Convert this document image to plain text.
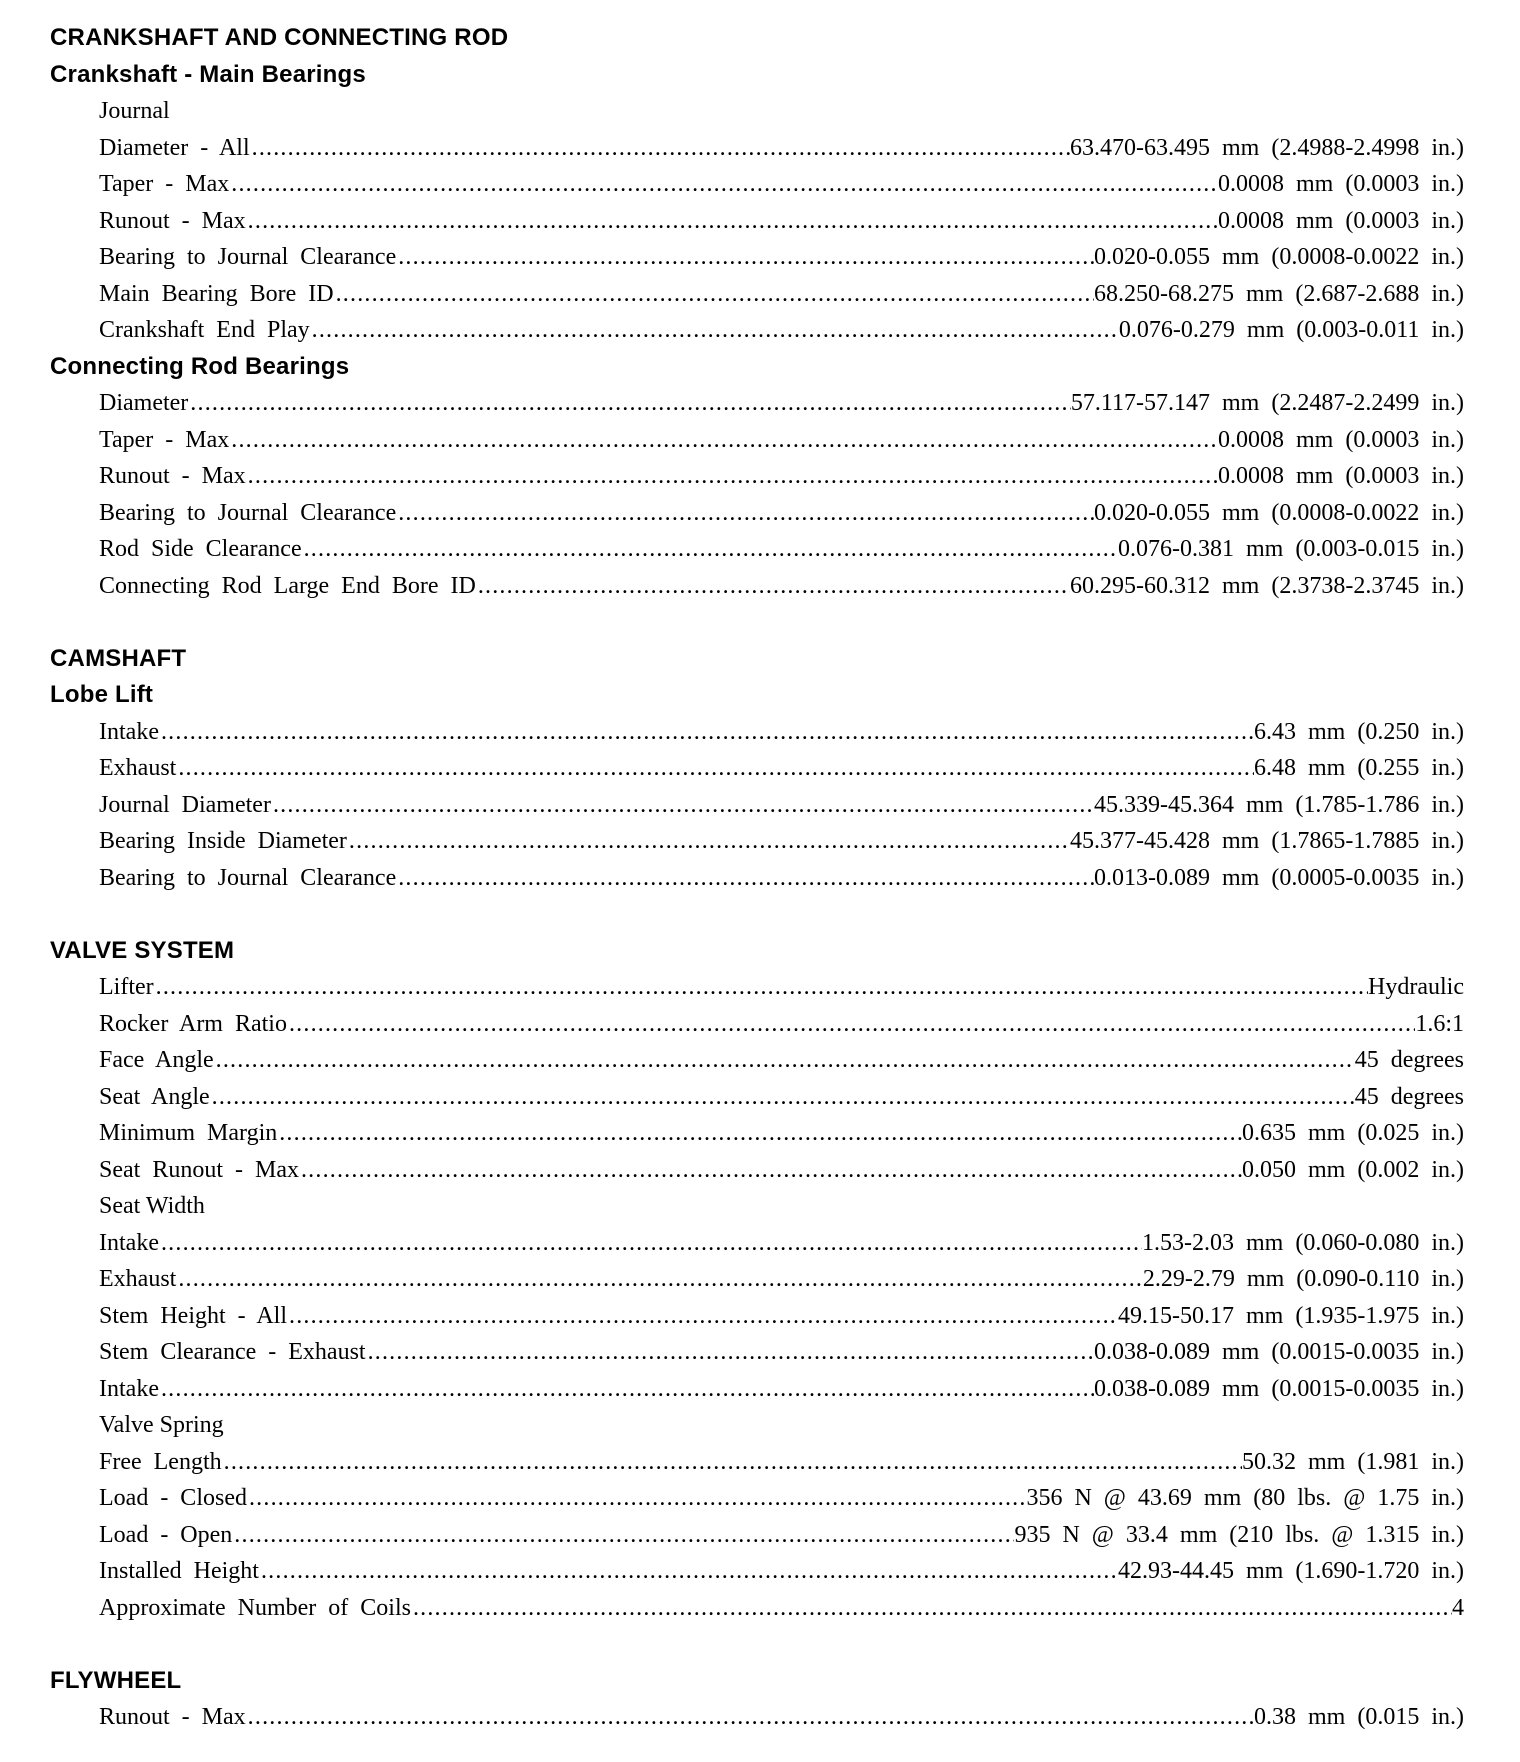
CRANKSHAFT AND CONNECTING ROD
Crankshaft - Main Bearings
Journal
Diameter - All .....	63.470-63.495 mm (2.4988-2.4998 in.)
Taper - Max .....	0.0008 mm (0.0003 in.)
Runout - Max .....	0.0008 mm (0.0003 in.)
Bearing to Journal Clearance .....	0.020-0.055 mm (0.0008-0.0022 in.)
Main Bearing Bore ID .....	68.250-68.275 mm (2.687-2.688 in.)
Crankshaft End Play .....	0.076-0.279 mm (0.003-0.011 in.)
Connecting Rod Bearings
Diameter .....	57.117-57.147 mm (2.2487-2.2499 in.)
Taper - Max .....	0.0008 mm (0.0003 in.)
Runout - Max .....	0.0008 mm (0.0003 in.)
Bearing to Journal Clearance .....	0.020-0.055 mm (0.0008-0.0022 in.)
Rod Side Clearance .....	0.076-0.381 mm (0.003-0.015 in.)
Connecting Rod Large End Bore ID .....	60.295-60.312 mm (2.3738-2.3745 in.)
CAMSHAFT
Lobe Lift
Intake .....	6.43 mm (0.250 in.)
Exhaust .....	6.48 mm (0.255 in.)
Journal Diameter .....	45.339-45.364 mm (1.785-1.786 in.)
Bearing Inside Diameter .....	45.377-45.428 mm (1.7865-1.7885 in.)
Bearing to Journal Clearance .....	0.013-0.089 mm (0.0005-0.0035 in.)
VALVE SYSTEM
Lifter .....	Hydraulic
Rocker Arm Ratio .....	1.6:1
Face Angle .....	45 degrees
Seat Angle .....	45 degrees
Minimum Margin .....	0.635 mm (0.025 in.)
Seat Runout - Max .....	0.050 mm (0.002 in.)
Seat Width
Intake .....	1.53-2.03 mm (0.060-0.080 in.)
Exhaust .....	2.29-2.79 mm (0.090-0.110 in.)
Stem Height - All .....	49.15-50.17 mm (1.935-1.975 in.)
Stem Clearance - Exhaust .....	0.038-0.089 mm (0.0015-0.0035 in.)
Intake .....	0.038-0.089 mm (0.0015-0.0035 in.)
Valve Spring
Free Length .....	50.32 mm (1.981 in.)
Load - Closed .....	356 N @ 43.69 mm (80 lbs. @ 1.75 in.)
Load - Open .....	935 N @ 33.4 mm (210 lbs. @ 1.315 in.)
Installed Height .....	42.93-44.45 mm (1.690-1.720 in.)
Approximate Number of Coils .....	4
FLYWHEEL
Runout - Max .....	0.38 mm (0.015 in.)
